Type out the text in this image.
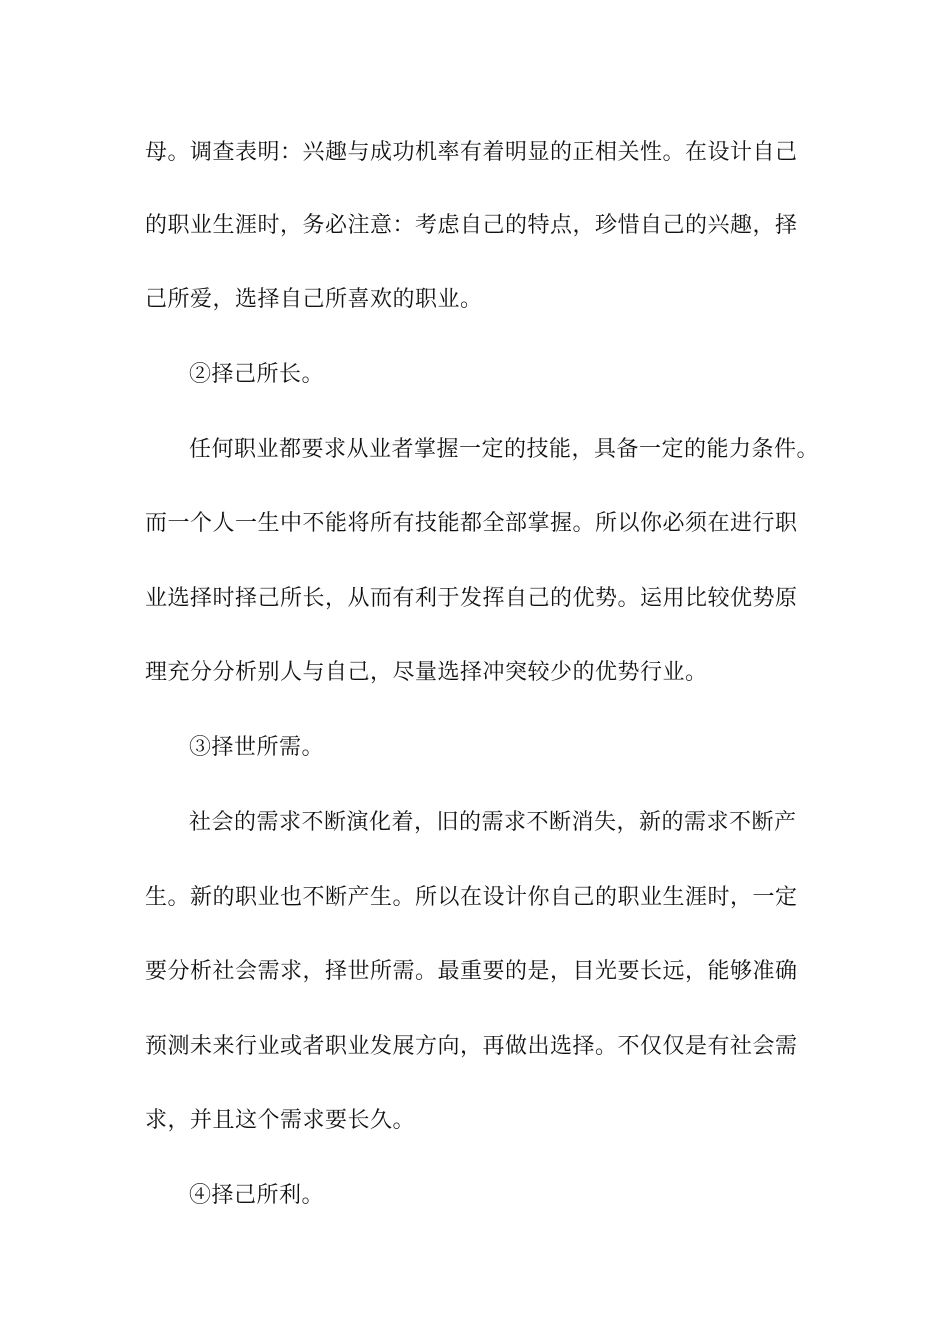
母。调查表明：兴趣与成功机率有着明显的正相关性。在设计自己
的职业生涯时，务必注意：考虑自己的特点，珍惜自己的兴趣，择
己所爱，选择自己所喜欢的职业。
②择己所长。
任何职业都要求从业者掌握一定的技能，具备一定的能力条件。
而一个人一生中不能将所有技能都全部掌握。所以你必须在进行职
业选择时择己所长，从而有利于发挥自己的优势。运用比较优势原
理充分分析别人与自己，尽量选择冲突较少的优势行业。
③择世所需。
社会的需求不断演化着，旧的需求不断消失，新的需求不断产
生。新的职业也不断产生。所以在设计你自己的职业生涯时，一定
要分析社会需求，择世所需。最重要的是，目光要长远，能够准确
预测未来行业或者职业发展方向，再做出选择。不仅仅是有社会需
求，并且这个需求要长久。
④择己所利。
